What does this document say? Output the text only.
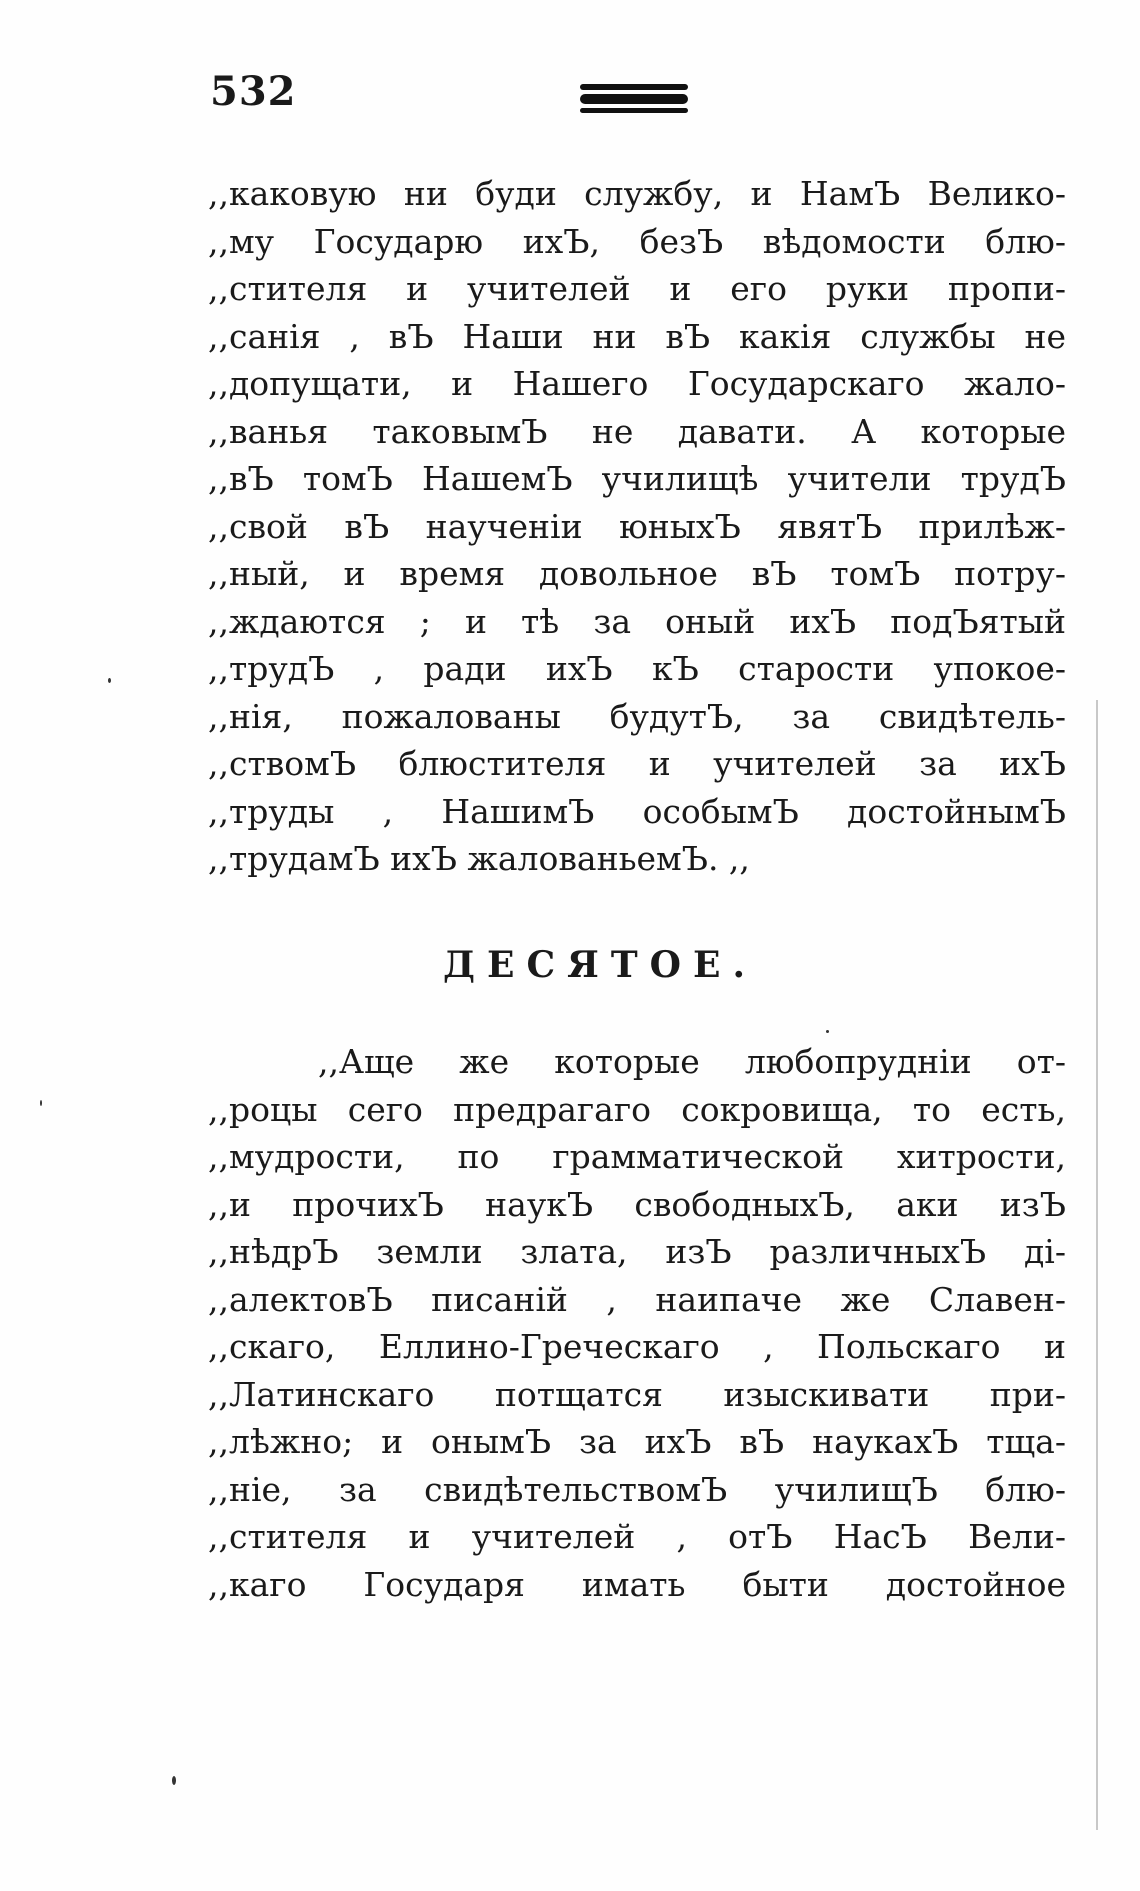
532
,,каковую ни буди службу, и НамЪ Велико-
,,му Государю ихЪ, безЪ вѣдомости блю-
,,стителя и учителей и его руки пропи-
,,санія , вЪ Наши ни вЪ какія службы не
,,допущати, и Нашего Государскаго жало-
,,ванья таковымЪ не давати. А которые
,,вЪ томЪ НашемЪ училищѣ учители трудЪ
,,свой вЪ наученіи юныхЪ явятЪ прилѣж-
,,ный, и время довольное вЪ томЪ потру-
,,ждаются ; и тѣ за оный ихЪ подЪятый
,,трудЪ , ради ихЪ кЪ старости упокое-
,,нія, пожалованы будутЪ, за свидѣтель-
,,ствомЪ блюстителя и учителей за ихЪ
,,труды , НашимЪ особымЪ достойнымЪ
,,трудамЪ ихЪ жалованьемЪ. ,,
ДЕСЯТОЕ.
,,Аще же которые любопрудніи от-
,,роцы сего предрагаго сокровища, то есть,
,,мудрости, по грамматической хитрости,
,,и прочихЪ наукЪ свободныхЪ, аки изЪ
,,нѣдрЪ земли злата, изЪ различныхЪ ді-
,,алектовЪ писаній , наипаче же Славен-
,,скаго, Еллино-Греческаго , Польскаго и
,,Латинскаго потщатся изыскивати при-
,,лѣжно; и онымЪ за ихЪ вЪ наукахЪ тща-
,,ніе, за свидѣтельствомЪ училищЪ блю-
,,стителя и учителей , отЪ НасЪ Вели-
,,каго Государя имать быти достойное
